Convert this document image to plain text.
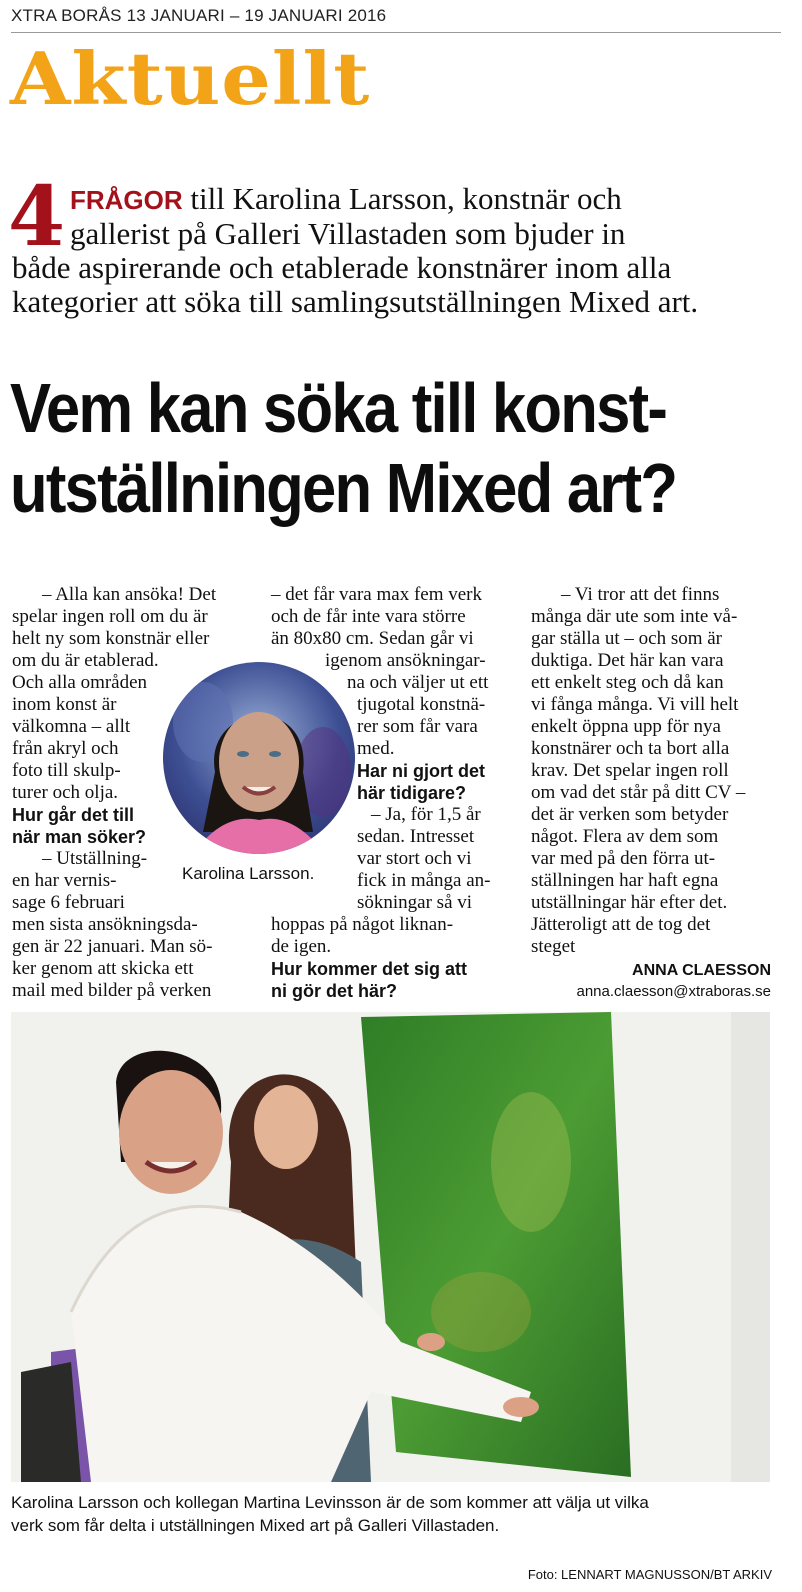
XTRA BORÅS 13 JANUARI – 19 JANUARI 2016
Aktuellt
4 FRÅGOR till Karolina Larsson, konstnär och
gallerist på Galleri Villastaden som bjuder in
både aspirerande och etablerade konstnärer inom alla kategorier att söka till samlingsutställningen Mixed art.
Vem kan söka till konst-
utställningen Mixed art?

– Alla kan ansöka! Det

spelar ingen roll om du är

helt ny som konstnär eller

om du är etablerad.

Och alla områden

inom konst är

välkomna – allt

från akryl och

foto till skulp-

turer och olja.

Hur går det till

när man söker?

– Utställning-

en har vernis-

sage 6 februari

men sista ansökningsda-

gen är 22 januari. Man sö-

ker genom att skicka ett

mail med bilder på verken

– det får vara max fem verk

och de får inte vara större

än 80x80 cm. Sedan går vi

igenom ansökningar-

na och väljer ut ett

tjugotal konstnä-

rer som får vara

med.

Har ni gjort det

här tidigare?

– Ja, för 1,5 år

sedan. Intresset

var stort och vi

fick in många an-

sökningar så vi

hoppas på något liknan-

de igen.

Hur kommer det sig att

ni gör det här?

– Vi tror att det finns

många där ute som inte vå-

gar ställa ut – och som är

duktiga. Det här kan vara

ett enkelt steg och då kan

vi fånga många. Vi vill helt

enkelt öppna upp för nya

konstnärer och ta bort alla

krav. Det spelar ingen roll

om vad det står på ditt CV –

det är verken som betyder

något. Flera av dem som

var med på den förra ut-

ställningen har haft egna

utställningar här efter det.

Jätteroligt att de tog det

steget

Karolina Larsson.
ANNA CLAESSON
anna.claesson@xtraboras.se
Karolina Larsson och kollegan Martina Levinsson är de som kommer att välja ut vilka
verk som får delta i utställningen Mixed art på Galleri Villastaden.
Foto: LENNART MAGNUSSON/BT ARKIV
